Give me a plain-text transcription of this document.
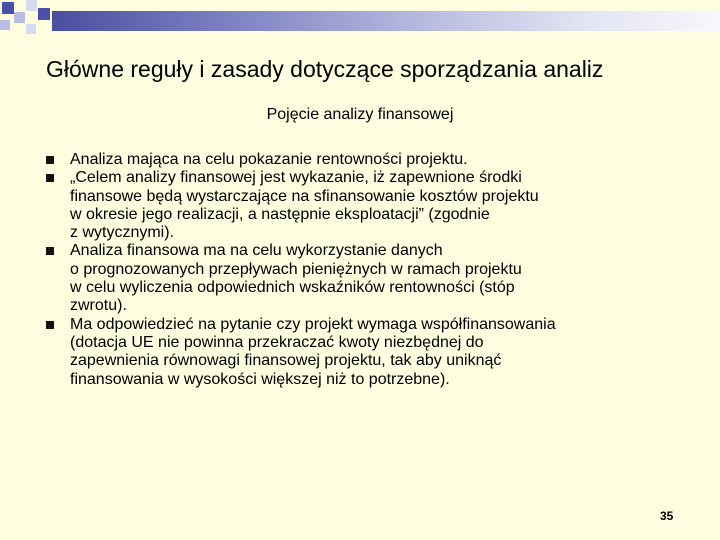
Główne reguły i zasady dotyczące sporządzania analiz
Pojęcie analizy finansowej
Analiza mająca na celu pokazanie rentowności projektu.
„Celem analizy finansowej jest wykazanie, iż zapewnione środki
finansowe będą wystarczające na sfinansowanie kosztów projektu
w okresie jego realizacji, a następnie eksploatacji” (zgodnie
z wytycznymi).
Analiza finansowa ma na celu wykorzystanie danych
o prognozowanych przepływach pieniężnych w ramach projektu
w celu wyliczenia odpowiednich wskaźników rentowności (stóp
zwrotu).
Ma odpowiedzieć na pytanie czy projekt wymaga współfinansowania
(dotacja UE nie powinna przekraczać kwoty niezbędnej do
zapewnienia równowagi finansowej projektu, tak aby uniknąć
finansowania w wysokości większej niż to potrzebne).
35
